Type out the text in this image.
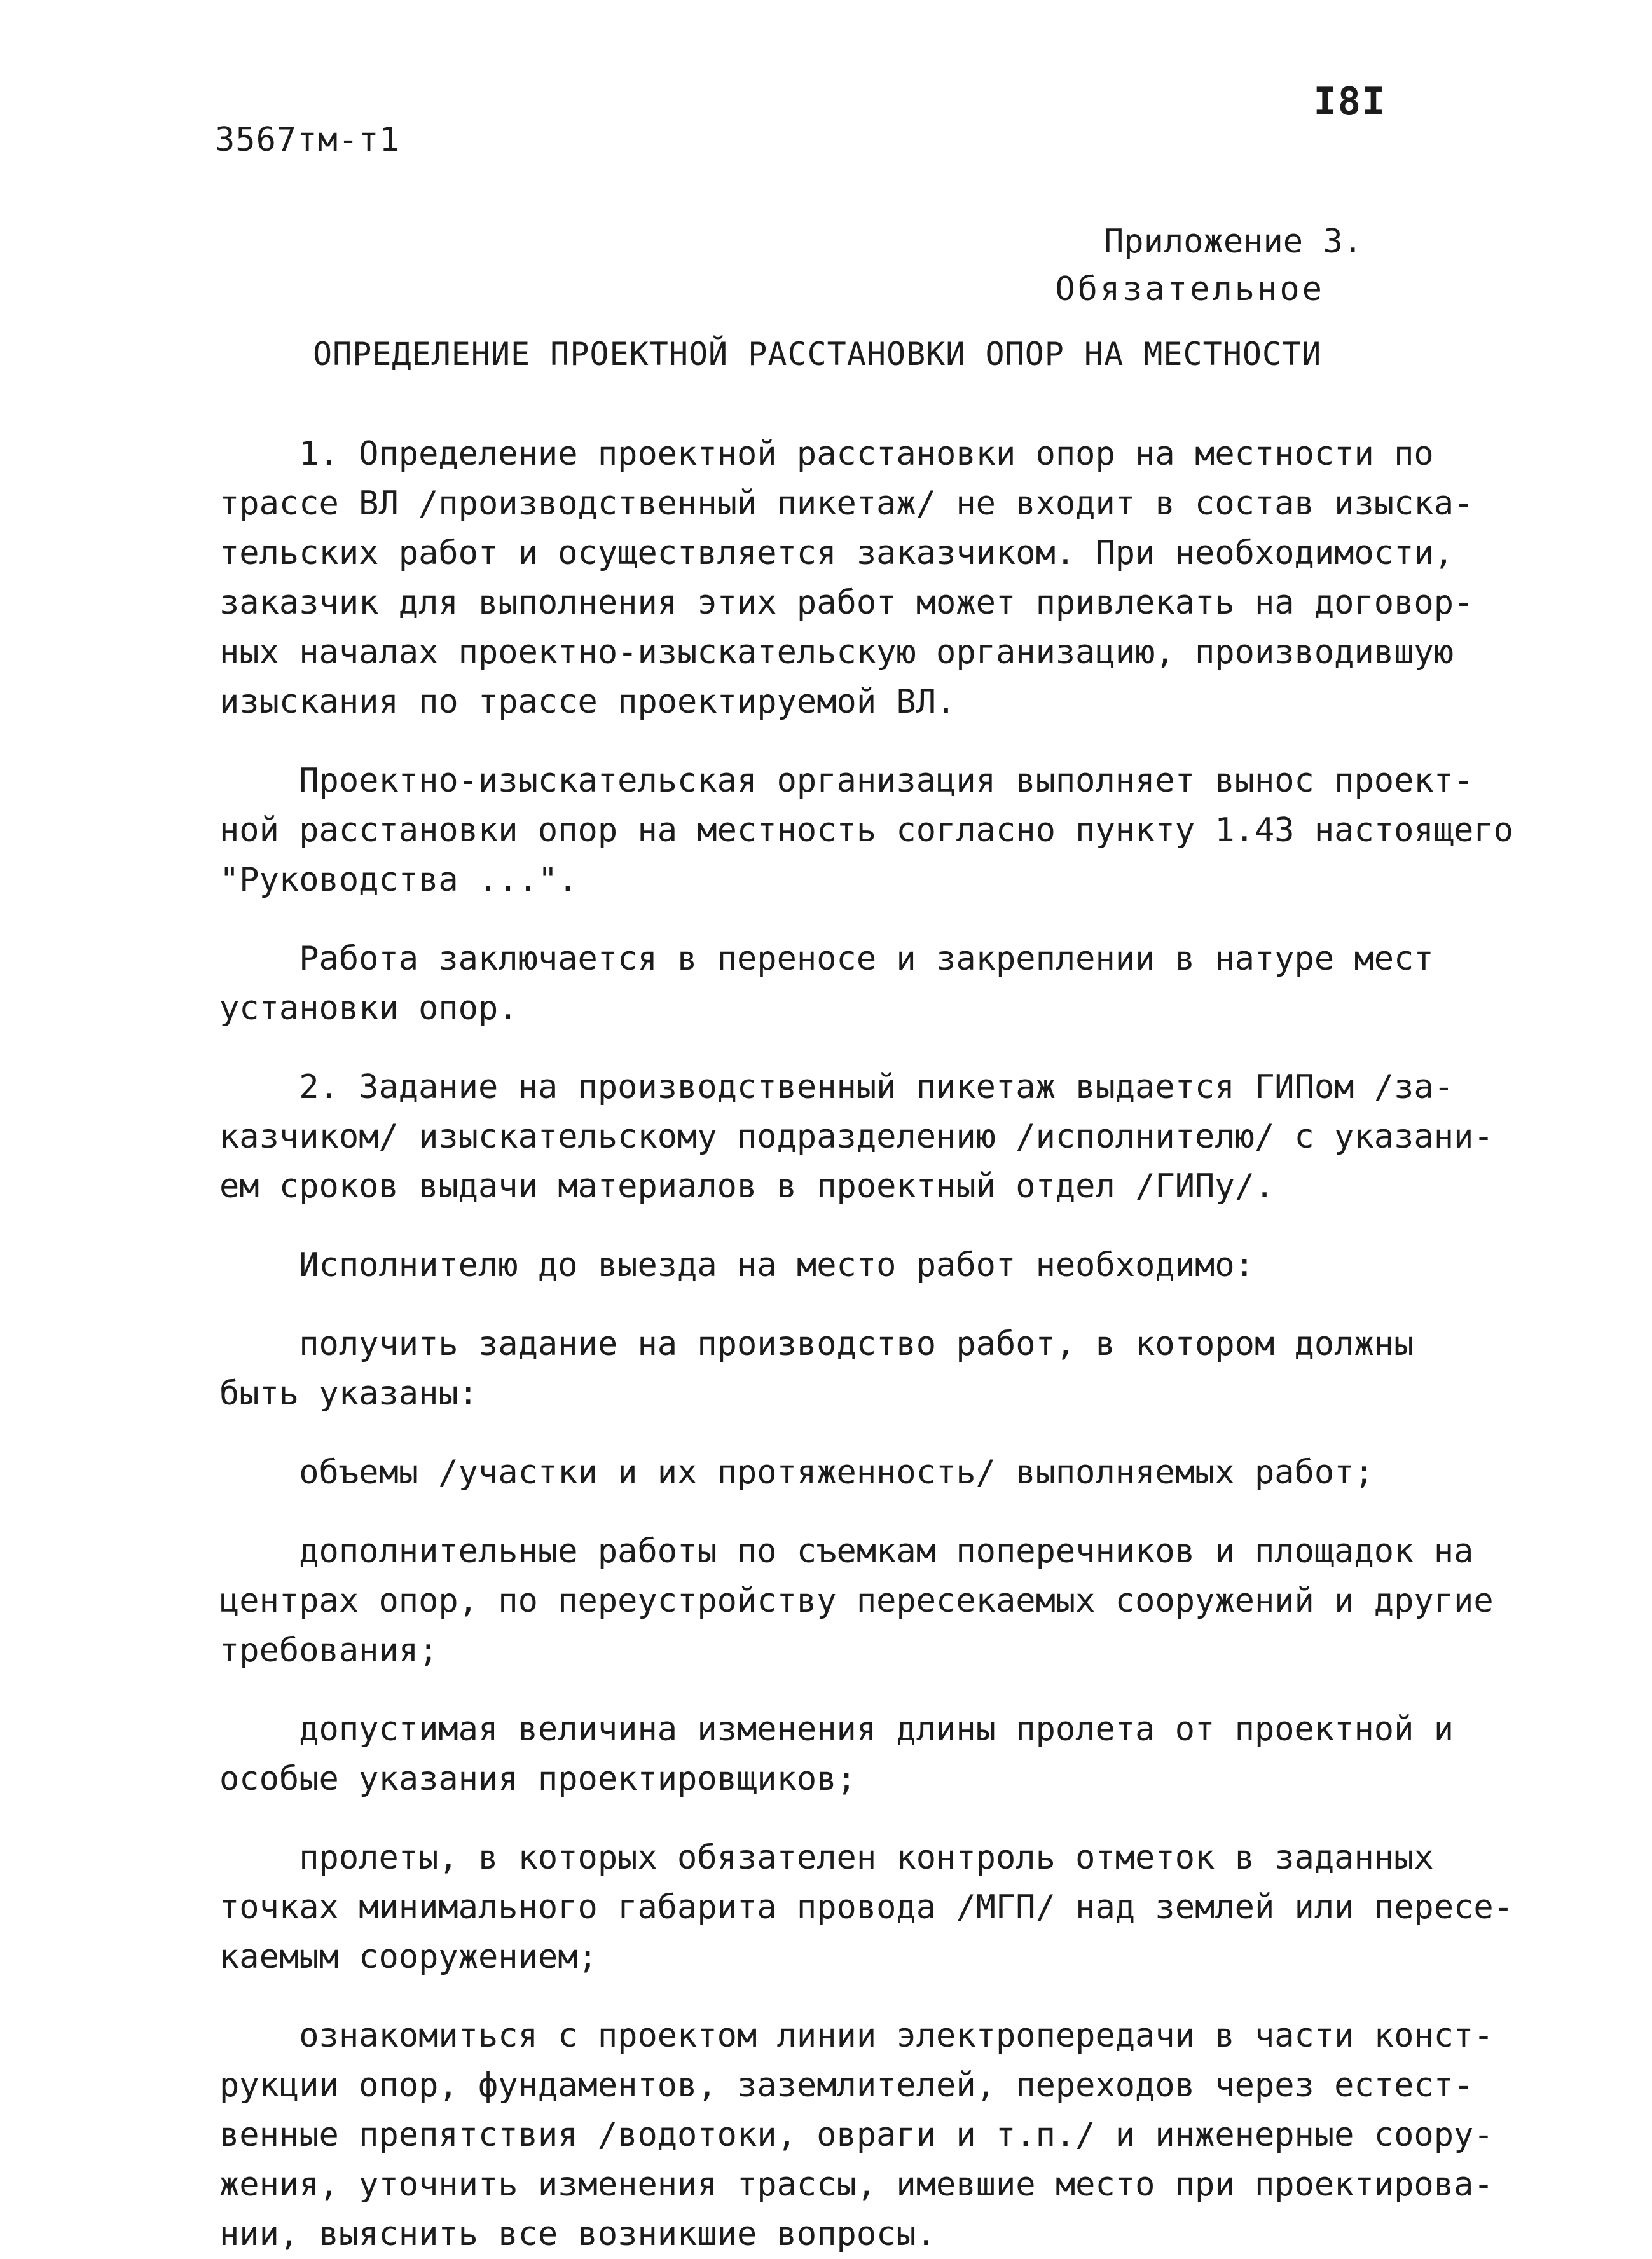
3567тм-т1
I8I
Приложение 3.
Обязательное
ОПРЕДЕЛЕНИЕ ПРОЕКТНОЙ РАССТАНОВКИ ОПОР НА МЕСТНОСТИ
1. Определение проектной расстановки опор на местности по
трассе ВЛ /производственный пикетаж/ не входит в состав изыска-
тельских работ и осуществляется заказчиком. При необходимости,
заказчик для выполнения этих работ может привлекать на договор-
ных началах проектно-изыскательскую организацию, производившую
изыскания по трассе проектируемой ВЛ.
Проектно-изыскательская организация выполняет вынос проект-
ной расстановки опор на местность согласно пункту 1.43 настоящего
"Руководства ...".
Работа заключается в переносе и закреплении в натуре мест
установки опор.
2. Задание на производственный пикетаж выдается ГИПом /за-
казчиком/ изыскательскому подразделению /исполнителю/ с указани-
ем сроков выдачи материалов в проектный отдел /ГИПу/.
Исполнителю до выезда на место работ необходимо:
получить задание на производство работ, в котором должны
быть указаны:
объемы /участки и их протяженность/ выполняемых работ;
дополнительные работы по съемкам поперечников и площадок на
центрах опор, по переустройству пересекаемых сооружений и другие
требования;
допустимая величина изменения длины пролета от проектной и
особые указания проектировщиков;
пролеты, в которых обязателен контроль отметок в заданных
точках минимального габарита провода /МГП/ над землей или пересе-
каемым сооружением;
ознакомиться с проектом линии электропередачи в части конст-
рукции опор, фундаментов, заземлителей, переходов через естест-
венные препятствия /водотоки, овраги и т.п./ и инженерные соору-
жения, уточнить изменения трассы, имевшие место при проектирова-
нии, выяснить все возникшие вопросы.
